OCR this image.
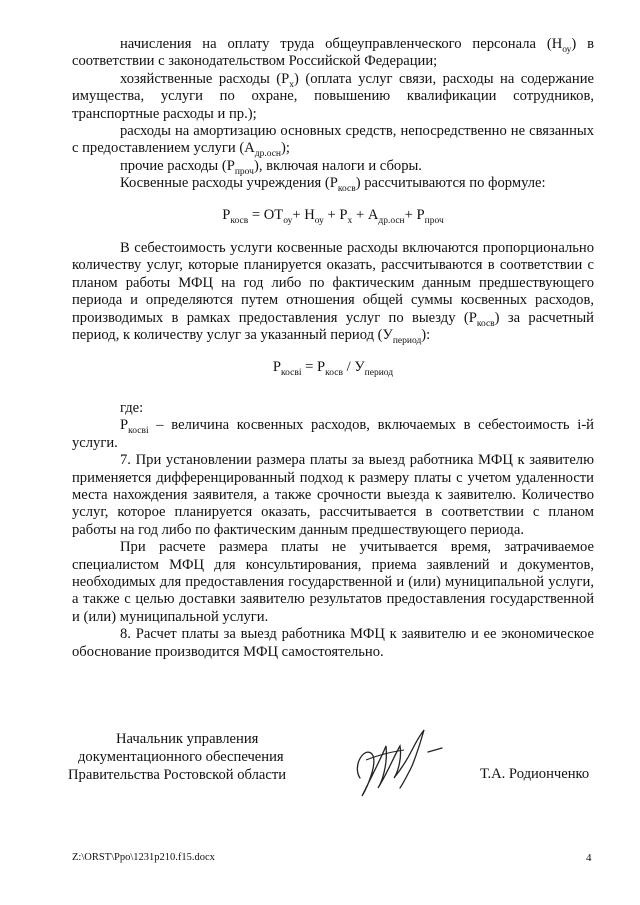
начисления на оплату труда общеуправленческого персонала $(Н_{оу})$ в соответствии с законодательством Российской Федерации;

хозяйственные расходы $(Р_х)$ (оплата услуг связи, расходы на содержание имущества, услуги по охране, повышению квалификации сотрудников, транспортные расходы и пр.);

расходы на амортизацию основных средств, непосредственно не связанных с предоставлением услуги $(А_{др.осн})$;

прочие расходы $(Р_{проч})$, включая налоги и сборы.

Косвенные расходы учреждения $(Р_{косв})$ рассчитываются по формуле:

$Р_{косв} = ОТ_{оу}+ Н_{оу} + Р_х + А_{др.осн}+ Р_{проч}$

В себестоимость услуги косвенные расходы включаются пропорционально количеству услуг, которые планируется оказать, рассчитываются в соответствии с планом работы МФЦ на год либо по фактическим данным предшествующего периода и определяются путем отношения общей суммы косвенных расходов, производимых в рамках предоставления услуг по выезду $(Р_{косв})$ за расчетный период, к количеству услуг за указанный период $(У_{период})$:

$Р_{косвi} = Р_{косв} / У_{период}$

где:

$Р_{косвi}$ – величина косвенных расходов, включаемых в себестоимость i-й услуги.

7. При установлении размера платы за выезд работника МФЦ к заявителю применяется дифференцированный подход к размеру платы с учетом удаленности места нахождения заявителя, а также срочности выезда к заявителю. Количество услуг, которое планируется оказать, рассчитывается в соответствии с планом работы на год либо по фактическим данным предшествующего периода.

При расчете размера платы не учитывается время, затрачиваемое специалистом МФЦ для консультирования, приема заявлений и документов, необходимых для предоставления государственной и (или) муниципальной услуги, а также с целью доставки заявителю результатов предоставления государственной и (или) муниципальной услуги.

8. Расчет платы за выезд работника МФЦ к заявителю и ее экономическое обоснование производится МФЦ самостоятельно.

Начальник управления
документационного обеспечения
Правительства Ростовской области	Т.А. Родионченко
Z:\ORST\Ppo\1231p210.f15.docx	4
